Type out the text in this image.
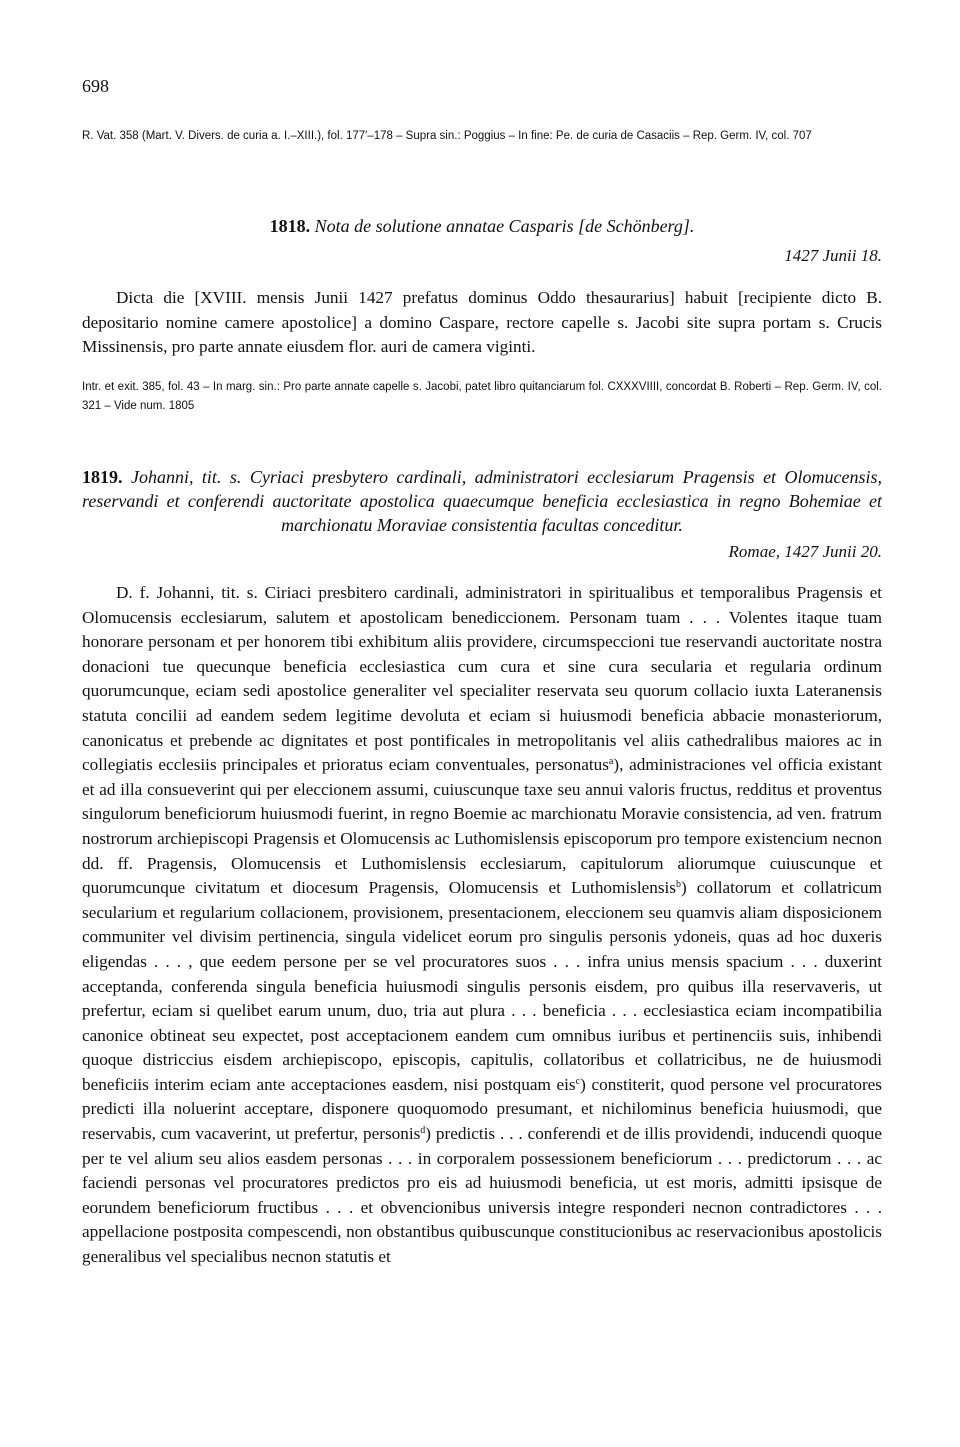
698
R. Vat. 358 (Mart. V. Divers. de curia a. I.–XIII.), fol. 177′–178 – Supra sin.: Poggius – In fine: Pe. de curia de Casaciis – Rep. Germ. IV, col. 707
1818. Nota de solutione annatae Casparis [de Schönberg].
1427 Junii 18.

Dicta die [XVIII. mensis Junii 1427 prefatus dominus Oddo thesaurarius] habuit [recipiente dicto B. depositario nomine camere apostolice] a domino Caspare, rectore capelle s. Jacobi site supra portam s. Crucis Missinensis, pro parte annate eiusdem flor. auri de camera viginti.

Intr. et exit. 385, fol. 43 – In marg. sin.: Pro parte annate capelle s. Jacobi, patet libro quitanciarum fol. CXXXVIIII, concordat B. Roberti – Rep. Germ. IV, col. 321 – Vide num. 1805
1819. Johanni, tit. s. Cyriaci presbytero cardinali, administratori ecclesiarum Pragensis et Olomucensis,
reservandi et conferendi auctoritate apostolica quaecumque beneficia ecclesiastica in regno Bohemiae et
marchionatu Moraviae consistentia facultas conceditur.
Romae, 1427 Junii 20.

D. f. Johanni, tit. s. Ciriaci presbitero cardinali, administratori in spiritualibus et temporalibus Pragensis et Olomucensis ecclesiarum, salutem et apostolicam benediccionem. Personam tuam . . . Volentes itaque tuam honorare personam et per honorem tibi exhibitum aliis providere, circumspeccioni tue reservandi auctoritate nostra donacioni tue quecunque beneficia ecclesiastica cum cura et sine cura secularia et regularia ordinum quorumcunque, eciam sedi apostolice generaliter vel specialiter reservata seu quorum collacio iuxta Lateranensis statuta concilii ad eandem sedem legitime devoluta et eciam si huiusmodi beneficia abbacie monasteriorum, canonicatus et prebende ac dignitates et post pontificales in metropolitanis vel aliis cathedralibus maiores ac in collegiatis ecclesiis principales et prioratus eciam conventuales, personatus$^a$), administraciones vel officia existant et ad illa consueverint qui per eleccionem assumi, cuiuscunque taxe seu annui valoris fructus, redditus et proventus singulorum beneficiorum huiusmodi fuerint, in regno Boemie ac marchionatu Moravie consistencia, ad ven. fratrum nostrorum archiepiscopi Pragensis et Olomucensis ac Luthomislensis episcoporum pro tempore existencium necnon dd. ff. Pragensis, Olomucensis et Luthomislensis ecclesiarum, capitulorum aliorumque cuiuscunque et quorumcunque civitatum et diocesum Pragensis, Olomucensis et Luthomislensis$^b$) collatorum et collatricum secularium et regularium collacionem, provisionem, presentacionem, eleccionem seu quamvis aliam disposicionem communiter vel divisim pertinencia, singula videlicet eorum pro singulis personis ydoneis, quas ad hoc duxeris eligendas . . . , que eedem persone per se vel procuratores suos . . . infra unius mensis spacium . . . duxerint acceptanda, conferenda singula beneficia huiusmodi singulis personis eisdem, pro quibus illa reservaveris, ut prefertur, eciam si quelibet earum unum, duo, tria aut plura . . . beneficia . . . ecclesiastica eciam incompatibilia canonice obtineat seu expectet, post acceptacionem eandem cum omnibus iuribus et pertinenciis suis, inhibendi quoque districcius eisdem archiepiscopo, episcopis, capitulis, collatoribus et collatricibus, ne de huiusmodi beneficiis interim eciam ante acceptaciones easdem, nisi postquam eis$^c$) constiterit, quod persone vel procuratores predicti illa noluerint acceptare, disponere quoquomodo presumant, et nichilominus beneficia huiusmodi, que reservabis, cum vacaverint, ut prefertur, personis$^d$) predictis . . . conferendi et de illis providendi, inducendi quoque per te vel alium seu alios easdem personas . . . in corporalem possessionem beneficiorum . . . predictorum . . . ac faciendi personas vel procuratores predictos pro eis ad huiusmodi beneficia, ut est moris, admitti ipsisque de eorundem beneficiorum fructibus . . . et obvencionibus universis integre responderi necnon contradictores . . . appellacione postposita compescendi, non obstantibus quibuscunque constitucionibus ac reservacionibus apostolicis generalibus vel specialibus necnon statutis et
